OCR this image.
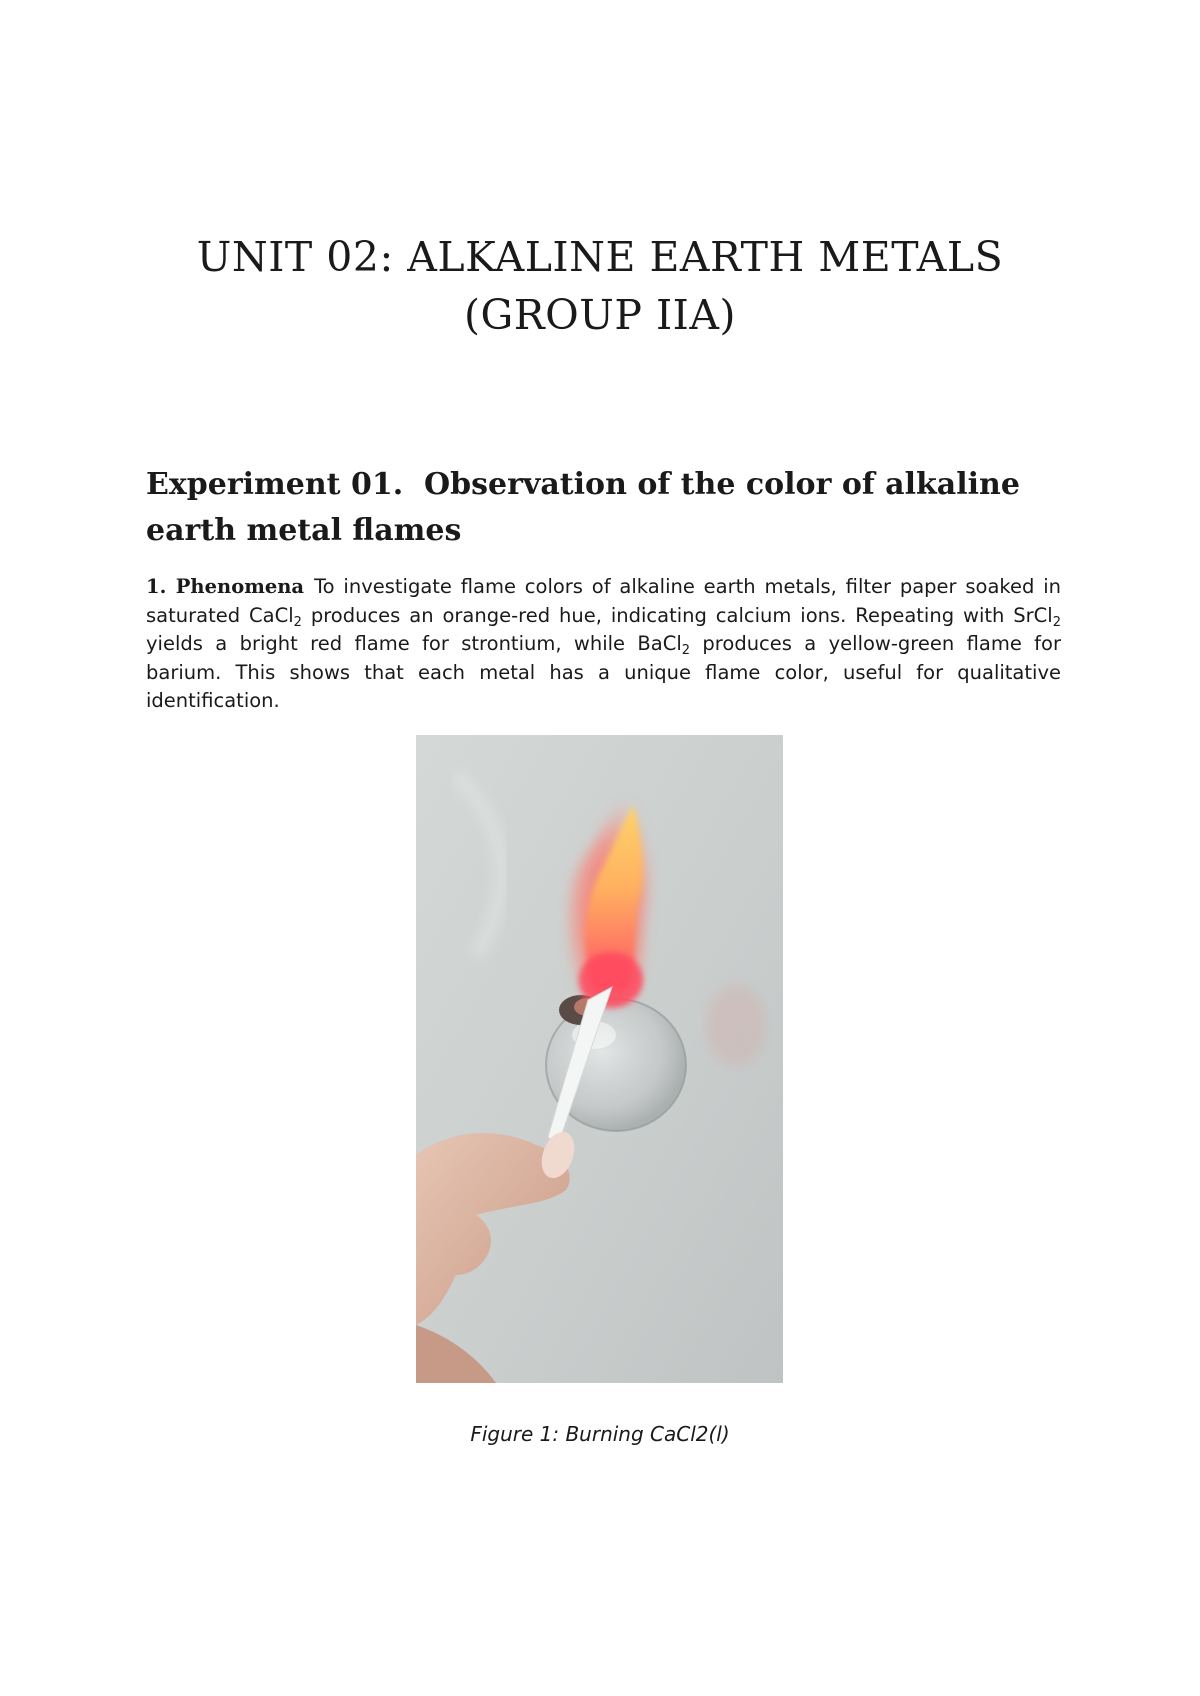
UNIT 02: ALKALINE EARTH METALS
(GROUP IIA)
Experiment 01.  Observation of the color of alkaline
earth metal flames

1. Phenomena To investigate flame colors of alkaline earth metals, filter paper soaked in saturated CaCl$_2$ produces an orange-red hue, indicating calcium ions. Repeating with SrCl$_2$ yields a bright red flame for strontium, while BaCl$_2$ produces a yellow-green flame for barium. This shows that each metal has a unique flame color, useful for qualitative identification.

Figure 1: Burning CaCl2(l)
